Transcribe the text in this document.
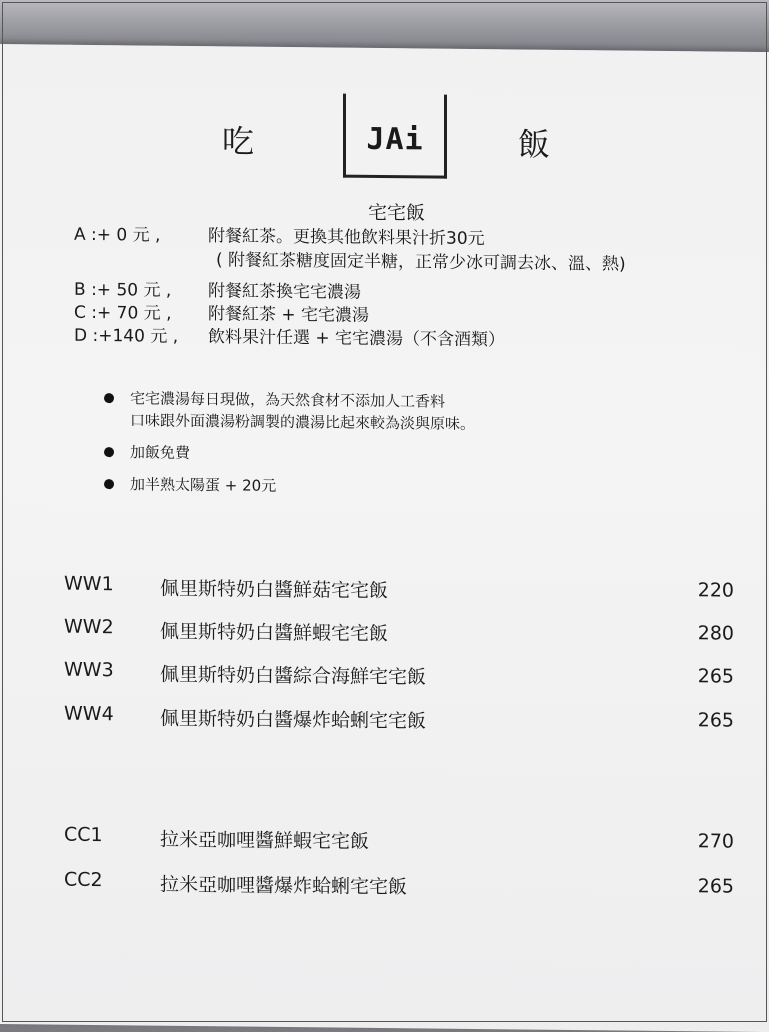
吃	JAi	飯
宅宅飯
A :+ 0 元 ,	附餐紅茶。更換其他飲料果汁折30元
( 附餐紅茶糖度固定半糖，正常少冰可調去冰、溫、熱)
B :+ 50 元 , 附餐紅茶換宅宅濃湯
C :+ 70 元 , 附餐紅茶 + 宅宅濃湯
D :+140 元 , 飲料果汁任選 + 宅宅濃湯（不含酒類）
宅宅濃湯每日現做，為天然食材不添加人工香料
口味跟外面濃湯粉調製的濃湯比起來較為淡與原味。
加飯免費
加半熟太陽蛋 + 20元
WW1 佩里斯特奶白醬鮮菇宅宅飯	220
WW2 佩里斯特奶白醬鮮蝦宅宅飯	280
WW3 佩里斯特奶白醬綜合海鮮宅宅飯	265
WW4 佩里斯特奶白醬爆炸蛤蜊宅宅飯	265
CC1	拉米亞咖哩醬鮮蝦宅宅飯	270
CC2	拉米亞咖哩醬爆炸蛤蜊宅宅飯	265
